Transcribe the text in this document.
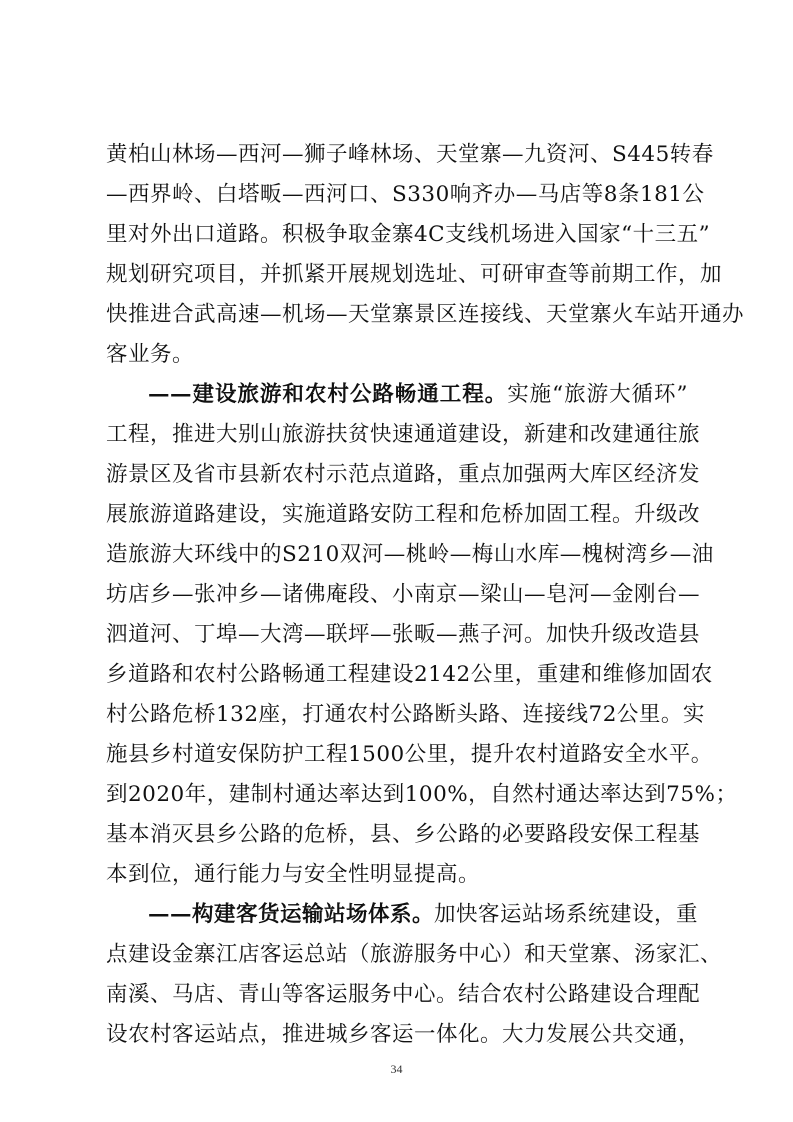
黄柏山林场—西河—狮子峰林场、天堂寨—九资河、S445转春
—西界岭、白塔畈—西河口、S330响齐办—马店等8条181公
里对外出口道路。积极争取金寨4C支线机场进入国家“十三五”
规划研究项目，并抓紧开展规划选址、可研审查等前期工作，加
快推进合武高速—机场—天堂寨景区连接线、天堂寨火车站开通办
客业务。
——建设旅游和农村公路畅通工程。实施“旅游大循环”
工程，推进大别山旅游扶贫快速通道建设，新建和改建通往旅
游景区及省市县新农村示范点道路，重点加强两大库区经济发
展旅游道路建设，实施道路安防工程和危桥加固工程。升级改
造旅游大环线中的S210双河—桃岭—梅山水库—槐树湾乡—油
坊店乡—张冲乡—诸佛庵段、小南京—梁山—皂河—金刚台—
泗道河、丁埠—大湾—联坪—张畈—燕子河。加快升级改造县
乡道路和农村公路畅通工程建设2142公里，重建和维修加固农
村公路危桥132座，打通农村公路断头路、连接线72公里。实
施县乡村道安保防护工程1500公里，提升农村道路安全水平。
到2020年，建制村通达率达到100%，自然村通达率达到75%；
基本消灭县乡公路的危桥，县、乡公路的必要路段安保工程基
本到位，通行能力与安全性明显提高。
——构建客货运输站场体系。加快客运站场系统建设，重
点建设金寨江店客运总站（旅游服务中心）和天堂寨、汤家汇、
南溪、马店、青山等客运服务中心。结合农村公路建设合理配
34
设农村客运站点，推进城乡客运一体化。大力发展公共交通，
